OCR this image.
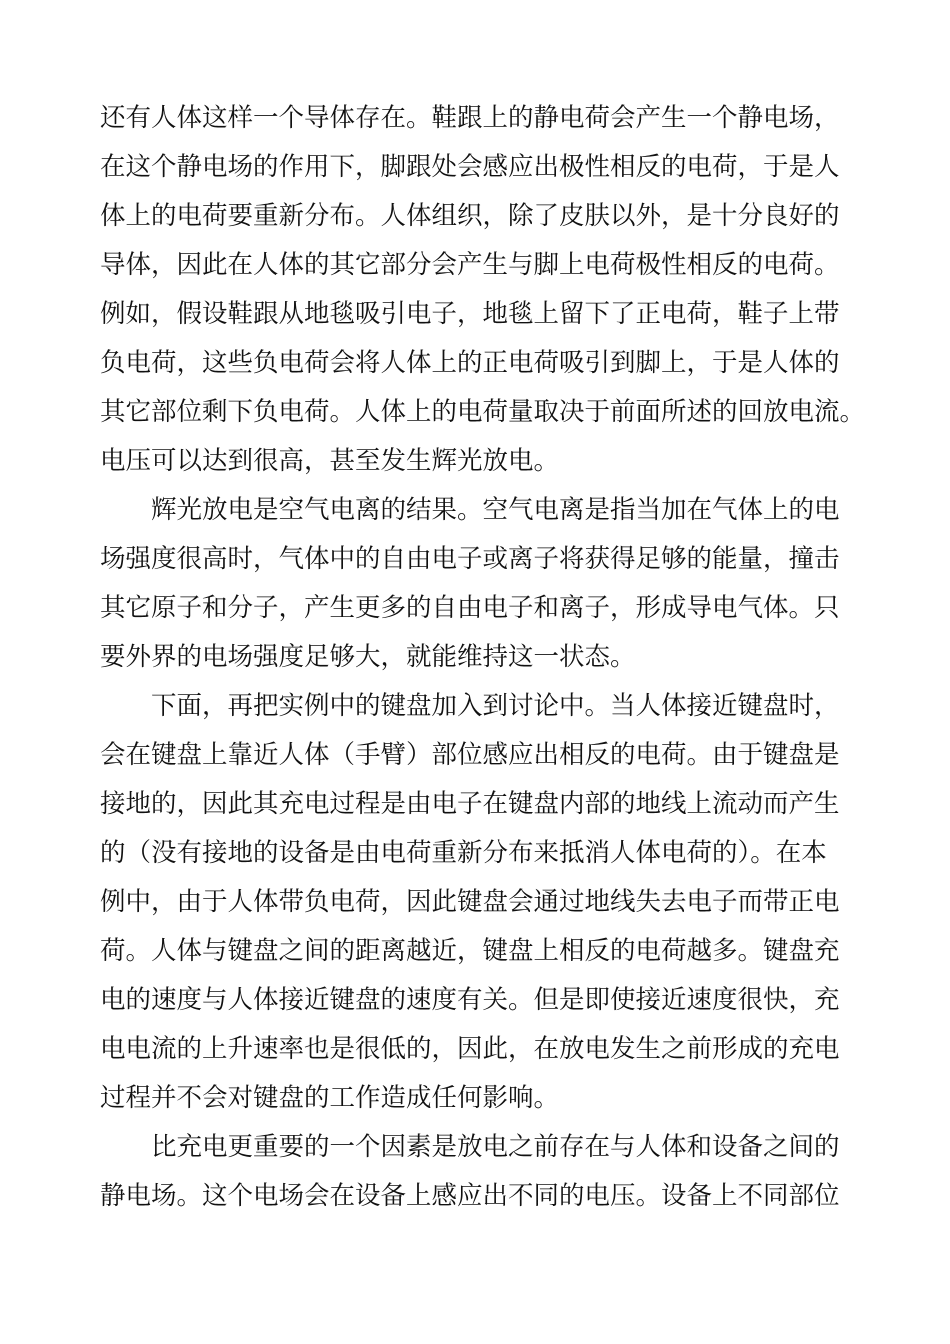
还有人体这样一个导体存在。鞋跟上的静电荷会产生一个静电场，
在这个静电场的作用下，脚跟处会感应出极性相反的电荷，于是人
体上的电荷要重新分布。人体组织，除了皮肤以外，是十分良好的
导体，因此在人体的其它部分会产生与脚上电荷极性相反的电荷。
例如，假设鞋跟从地毯吸引电子，地毯上留下了正电荷，鞋子上带
负电荷，这些负电荷会将人体上的正电荷吸引到脚上，于是人体的
其它部位剩下负电荷。人体上的电荷量取决于前面所述的回放电流。
电压可以达到很高，甚至发生辉光放电。
　　辉光放电是空气电离的结果。空气电离是指当加在气体上的电
场强度很高时，气体中的自由电子或离子将获得足够的能量，撞击
其它原子和分子，产生更多的自由电子和离子，形成导电气体。只
要外界的电场强度足够大，就能维持这一状态。
　　下面，再把实例中的键盘加入到讨论中。当人体接近键盘时，
会在键盘上靠近人体（手臂）部位感应出相反的电荷。由于键盘是
接地的，因此其充电过程是由电子在键盘内部的地线上流动而产生
的（没有接地的设备是由电荷重新分布来抵消人体电荷的）。在本
例中，由于人体带负电荷，因此键盘会通过地线失去电子而带正电
荷。人体与键盘之间的距离越近，键盘上相反的电荷越多。键盘充
电的速度与人体接近键盘的速度有关。但是即使接近速度很快，充
电电流的上升速率也是很低的，因此，在放电发生之前形成的充电
过程并不会对键盘的工作造成任何影响。
　　比充电更重要的一个因素是放电之前存在与人体和设备之间的
静电场。这个电场会在设备上感应出不同的电压。设备上不同部位
